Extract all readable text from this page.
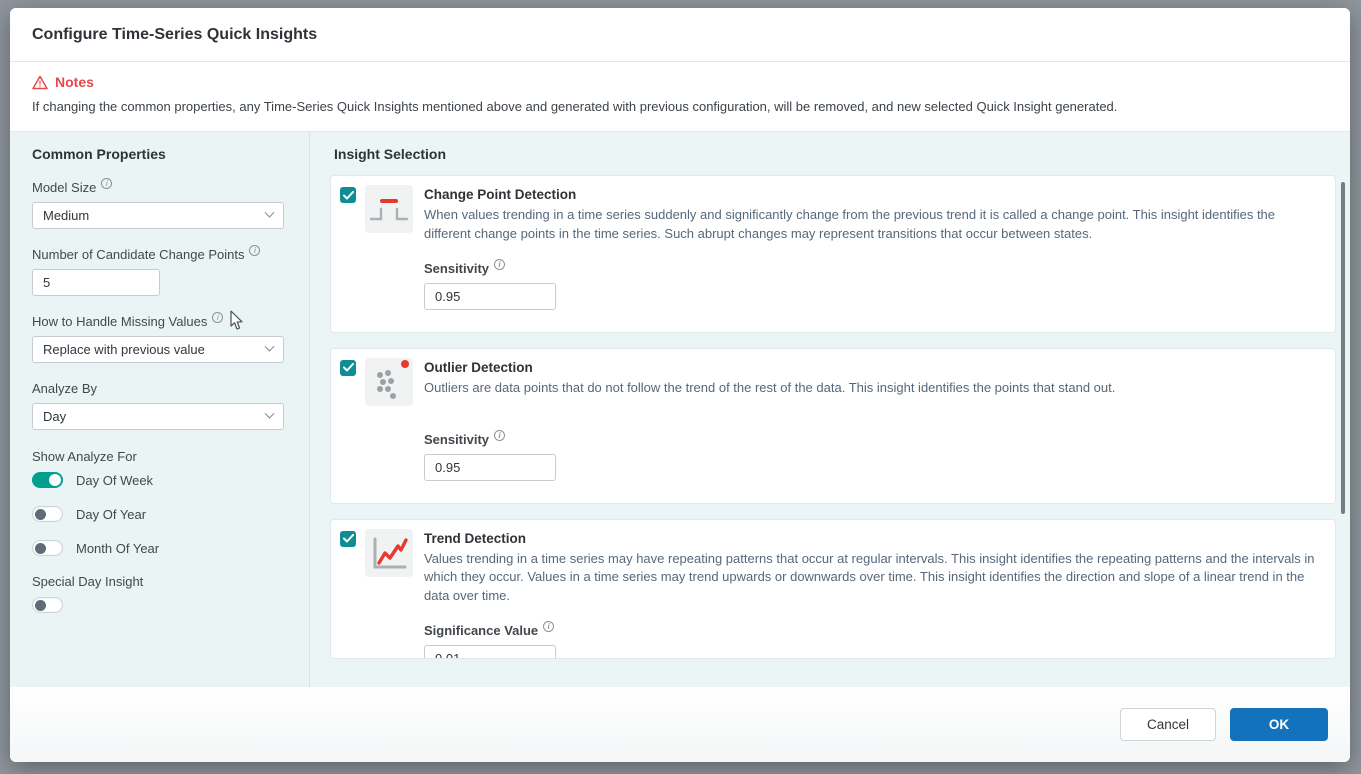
Configure Time-Series Quick Insights
Notes
If changing the common properties, any Time-Series Quick Insights mentioned above and generated with previous configuration, will be removed, and new selected Quick Insight generated.
Common Properties
Model Size
i
Medium
Number of Candidate Change Points
i
5
How to Handle Missing Values
i
Replace with previous value
Analyze By
Day
Show Analyze For
Day Of Week
Day Of Year
Month Of Year
Special Day Insight
Insight Selection
Change Point Detection
When values trending in a time series suddenly and significantly change from the previous trend it is called a change point. This insight identifies the different change points in the time series. Such abrupt changes may represent transitions that occur between states.
Sensitivity
i
0.95
Outlier Detection
Outliers are data points that do not follow the trend of the rest of the data. This insight identifies the points that stand out.
Sensitivity
i
0.95
Trend Detection
Values trending in a time series may have repeating patterns that occur at regular intervals. This insight identifies the repeating patterns and the intervals in which they occur. Values in a time series may trend upwards or downwards over time. This insight identifies the direction and slope of a linear trend in the data over time.
Significance Value
i
0.01
Cancel	OK
